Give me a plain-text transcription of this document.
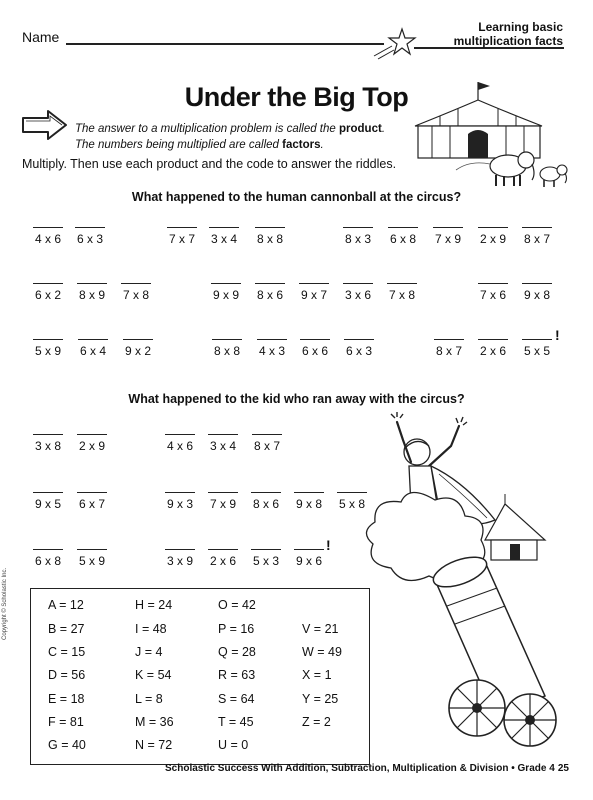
Name
Learning basic
multiplication facts
Under the Big Top
The answer to a multiplication problem is called the product.
The numbers being multiplied are called factors.
Multiply. Then use each product and the code to answer the riddles.
What happened to the human cannonball at the circus?
4 x 6	6 x 3	7 x 7	3 x 4	8 x 8	8 x 3	6 x 8	7 x 9	2 x 9	8 x 7
6 x 2	8 x 9	7 x 8	9 x 9	8 x 6	9 x 7	3 x 6	7 x 8	7 x 6	9 x 8
5 x 9	6 x 4	9 x 2	8 x 8	4 x 3	6 x 6	6 x 3	8 x 7	2 x 6	5 x 5
!
What happened to the kid who ran away with the circus?
3 x 8	2 x 9	4 x 6	3 x 4	8 x 7
9 x 5	6 x 7	9 x 3	7 x 9	8 x 6	9 x 8	5 x 8
6 x 8	5 x 9	3 x 9	2 x 6	5 x 3	9 x 6
!
A = 12	H = 24	O = 42
B = 27	I = 48	P = 16	V = 21
C = 15	J = 4	Q = 28	W = 49
D = 56	K = 54	R = 63	X = 1
E = 18	L = 8	S = 64	Y = 25
F = 81	M = 36	T = 45	Z = 2
G = 40	N = 72	U = 0
Copyright © Scholastic Inc.
Scholastic Success With Addition, Subtraction, Multiplication & Division • Grade 4 25
